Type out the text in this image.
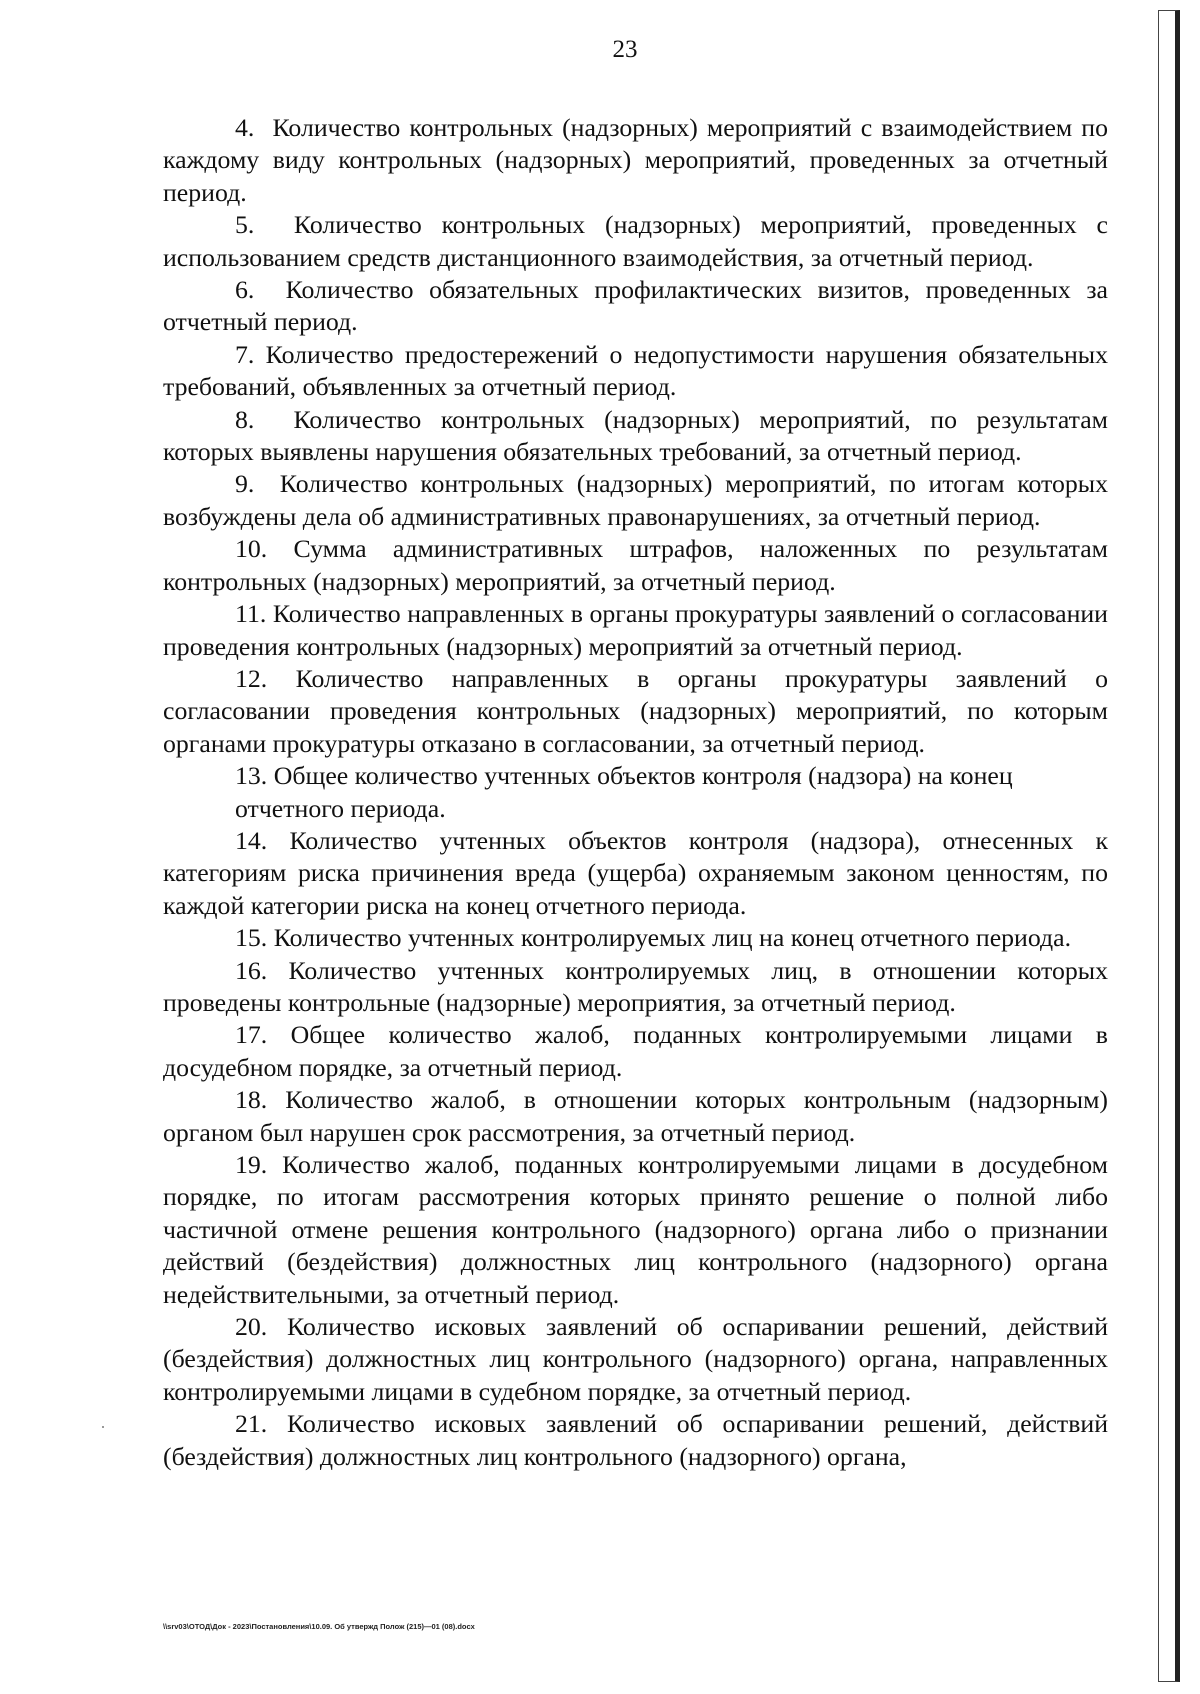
23

4.  Количество контрольных (надзорных) мероприятий с взаимодействием по каждому виду контрольных (надзорных) мероприятий, проведенных за отчетный период.

5.  Количество контрольных (надзорных) мероприятий, проведенных с использованием средств дистанционного взаимодействия, за отчетный период.

6.  Количество обязательных профилактических визитов, проведенных за отчетный период.

7. Количество предостережений о недопустимости нарушения обязательных требований, объявленных за отчетный период.

8.  Количество контрольных (надзорных) мероприятий, по результатам которых выявлены нарушения обязательных требований, за отчетный период.

9.  Количество контрольных (надзорных) мероприятий, по итогам которых возбуждены дела об административных правонарушениях, за отчетный период.

10. Сумма административных штрафов, наложенных по результатам контрольных (надзорных) мероприятий, за отчетный период.

11. Количество направленных в органы прокуратуры заявлений о согласовании проведения контрольных (надзорных) мероприятий за отчетный период.

12. Количество направленных в органы прокуратуры заявлений о согласовании проведения контрольных (надзорных) мероприятий, по которым органами прокуратуры отказано в согласовании, за отчетный период.

13. Общее количество учтенных объектов контроля (надзора) на конец отчетного периода.

14. Количество учтенных объектов контроля (надзора), отнесенных к категориям риска причинения вреда (ущерба) охраняемым законом ценностям, по каждой категории риска на конец отчетного периода.

15. Количество учтенных контролируемых лиц на конец отчетного периода.

16. Количество учтенных контролируемых лиц, в отношении которых проведены контрольные (надзорные) мероприятия, за отчетный период.

17. Общее количество жалоб, поданных контролируемыми лицами в досудебном порядке, за отчетный период.

18. Количество жалоб, в отношении которых контрольным (надзорным) органом был нарушен срок рассмотрения, за отчетный период.

19. Количество жалоб, поданных контролируемыми лицами в досудебном порядке, по итогам рассмотрения которых принято решение о полной либо частичной отмене решения контрольного (надзорного) органа либо о признании действий (бездействия) должностных лиц контрольного (надзорного) органа недействительными, за отчетный период.

20. Количество исковых заявлений об оспаривании решений, действий (бездействия) должностных лиц контрольного (надзорного) органа, направленных контролируемыми лицами в судебном порядке, за отчетный период.

21. Количество исковых заявлений об оспаривании решений, действий (бездействия) должностных лиц контрольного (надзорного) органа,

\\srv03\ОТОД\Док - 2023\Постановления\10.09. Об утвержд Полож (215)—01 (08).docx
